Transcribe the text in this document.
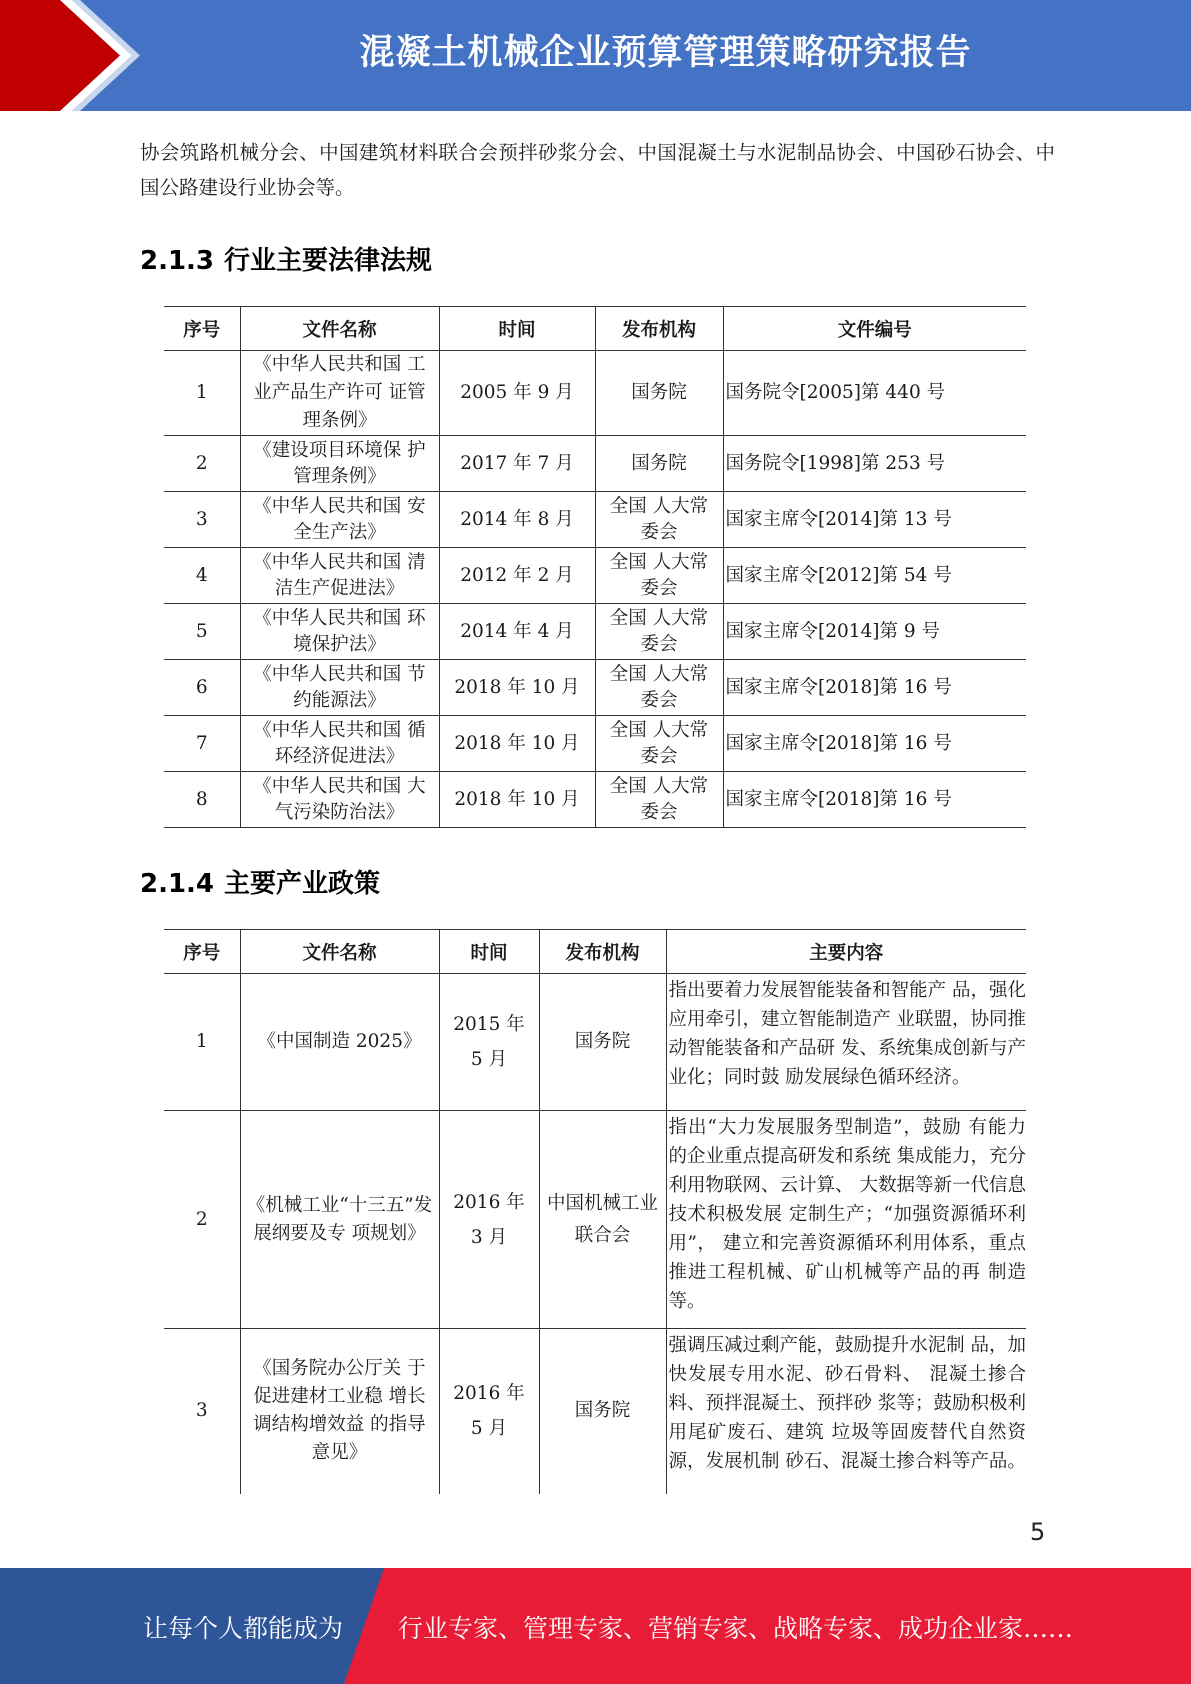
混凝土机械企业预算管理策略研究报告

协会筑路机械分会、中国建筑材料联合会预拌砂浆分会、中国混凝土与水泥制品协会、中国砂石协会、中国公路建设行业协会等。

2.1.3 行业主要法律法规
序号	文件名称	时间	发布机构	文件编号
1	《中华人民共和国 工业产品生产许可 证管理条例》	2005 年 9 月	国务院	国务院令[2005]第 440 号
2	《建设项目环境保 护管理条例》	2017 年 7 月	国务院	国务院令[1998]第 253 号
3	《中华人民共和国 安全生产法》	2014 年 8 月	全国 人大常委会	国家主席令[2014]第 13 号
4	《中华人民共和国 清洁生产促进法》	2012 年 2 月	全国 人大常委会	国家主席令[2012]第 54 号
5	《中华人民共和国 环境保护法》	2014 年 4 月	全国 人大常委会	国家主席令[2014]第 9 号
6	《中华人民共和国 节约能源法》	2018 年 10 月	全国 人大常委会	国家主席令[2018]第 16 号
7	《中华人民共和国 循环经济促进法》	2018 年 10 月	全国 人大常委会	国家主席令[2018]第 16 号
8	《中华人民共和国 大气污染防治法》	2018 年 10 月	全国 人大常委会	国家主席令[2018]第 16 号
2.1.4 主要产业政策
序号	文件名称	时间	发布机构	主要内容
1	《中国制造 2025》	2015 年 5 月	国务院	指出要着力发展智能装备和智能产 品，强化应用牵引，建立智能制造产 业联盟，协同推动智能装备和产品研 发、系统集成创新与产业化；同时鼓 励发展绿色循环经济。
2	《机械工业“十三五”发展纲要及专 项规划》	2016 年 3 月	中国机械工业联合会	指出“大力发展服务型制造”，鼓励 有能力的企业重点提高研发和系统 集成能力，充分利用物联网、云计算、 大数据等新一代信息技术积极发展 定制生产；“加强资源循环利用”， 建立和完善资源循环利用体系，重点 推进工程机械、矿山机械等产品的再 制造等。
3	《国务院办公厅关 于促进建材工业稳 增长调结构增效益 的指导意见》	2016 年 5 月	国务院	强调压减过剩产能，鼓励提升水泥制 品，加快发展专用水泥、砂石骨料、 混凝土掺合料、预拌混凝土、预拌砂 浆等；鼓励积极利用尾矿废石、建筑 垃圾等固废替代自然资源，发展机制 砂石、混凝土掺合料等产品。
5
让每个人都能成为 行业专家、管理专家、营销专家、战略专家、成功企业家……
